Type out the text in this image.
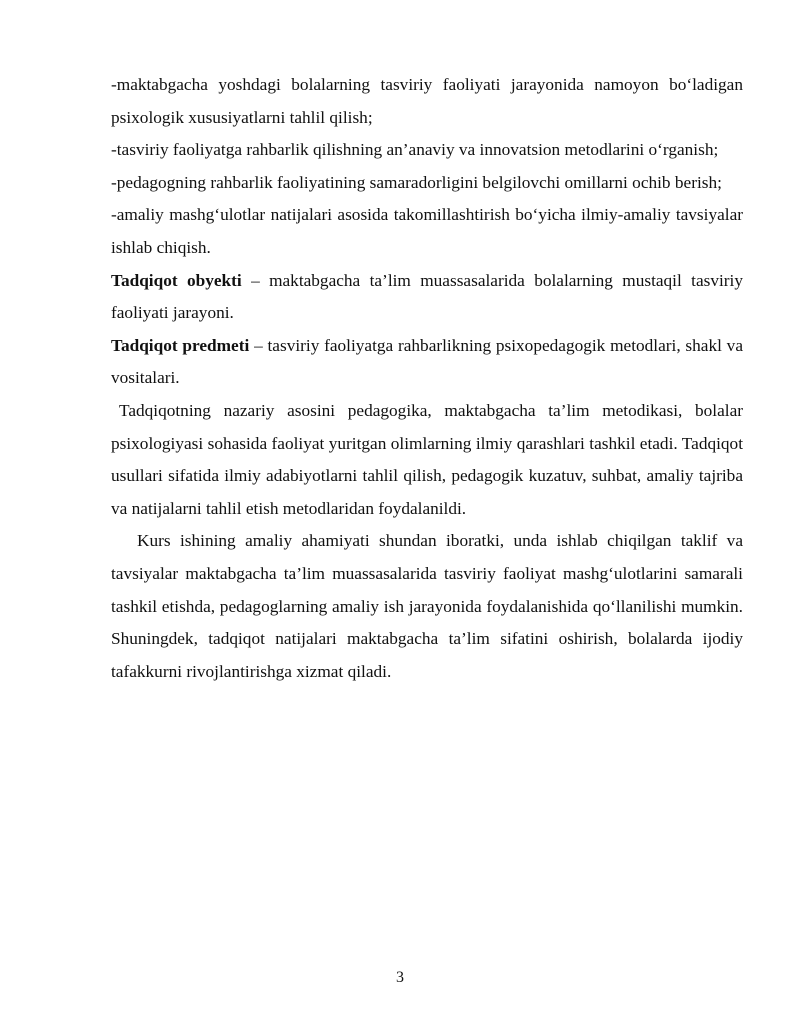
-maktabgacha yoshdagi bolalarning tasviriy faoliyati jarayonida namoyon bo‘ladigan psixologik xususiyatlarni tahlil qilish;

-tasviriy faoliyatga rahbarlik qilishning an’anaviy va innovatsion metodlarini o‘rganish;

-pedagogning rahbarlik faoliyatining samaradorligini belgilovchi omillarni ochib berish;

-amaliy mashg‘ulotlar natijalari asosida takomillashtirish bo‘yicha ilmiy-amaliy tavsiyalar ishlab chiqish.

Tadqiqot obyekti – maktabgacha ta’lim muassasalarida bolalarning mustaqil tasviriy faoliyati jarayoni.

Tadqiqot predmeti – tasviriy faoliyatga rahbarlikning psixopedagogik metodlari, shakl va vositalari.

Tadqiqotning nazariy asosini pedagogika, maktabgacha ta’lim metodikasi, bolalar psixologiyasi sohasida faoliyat yuritgan olimlarning ilmiy qarashlari tashkil etadi. Tadqiqot usullari sifatida ilmiy adabiyotlarni tahlil qilish, pedagogik kuzatuv, suhbat, amaliy tajriba va natijalarni tahlil etish metodlaridan foydalanildi.

Kurs ishining amaliy ahamiyati shundan iboratki, unda ishlab chiqilgan taklif va tavsiyalar maktabgacha ta’lim muassasalarida tasviriy faoliyat mashg‘ulotlarini samarali tashkil etishda, pedagoglarning amaliy ish jarayonida foydalanishida qo‘llanilishi mumkin. Shuningdek, tadqiqot natijalari maktabgacha ta’lim sifatini oshirish, bolalarda ijodiy tafakkurni rivojlantirishga xizmat qiladi.

3
